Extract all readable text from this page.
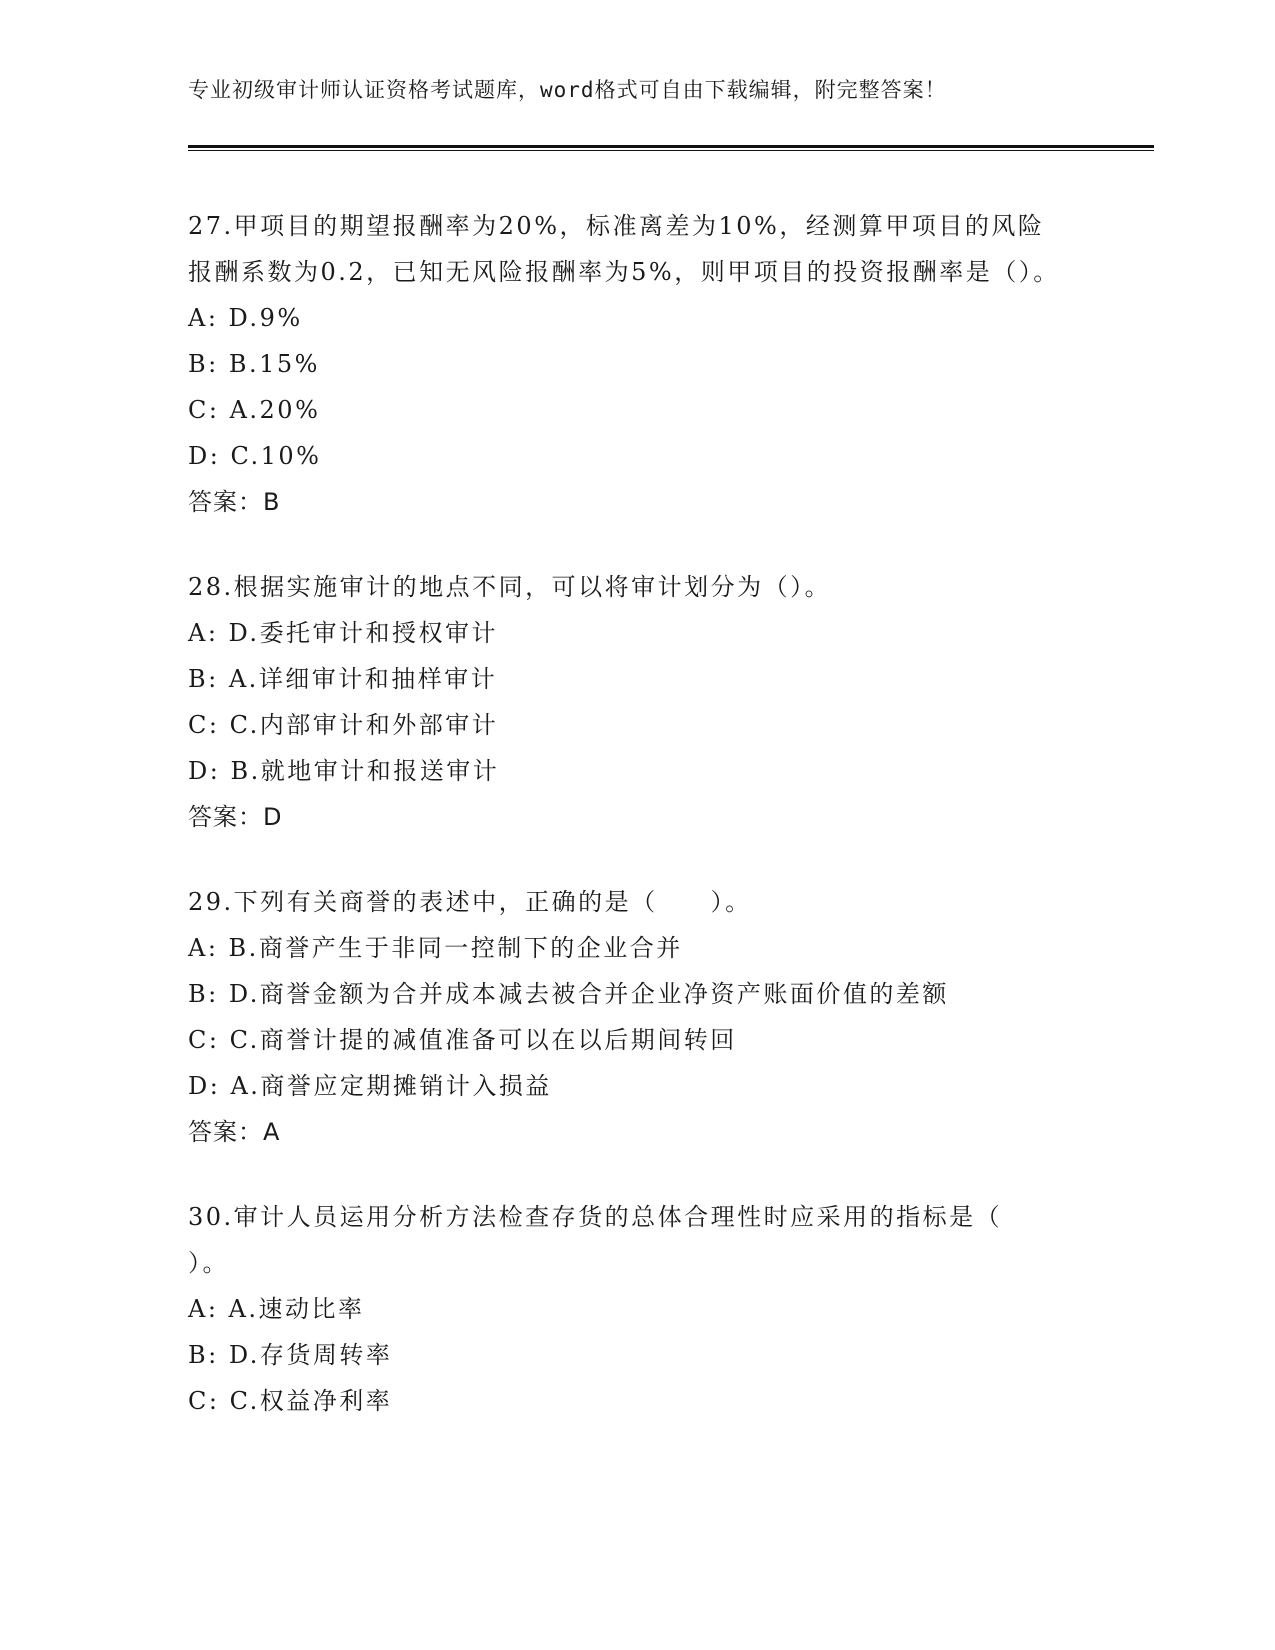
专业初级审计师认证资格考试题库，word格式可自由下载编辑，附完整答案！
27.甲项目的期望报酬率为20%，标准离差为10%，经测算甲项目的风险报酬系数为0.2，已知无风险报酬率为5%，则甲项目的投资报酬率是（）。
A: D.9%
B: B.15%
C: A.20%
D: C.10%
答案：B
28.根据实施审计的地点不同，可以将审计划分为（）。
A: D.委托审计和授权审计
B: A.详细审计和抽样审计
C: C.内部审计和外部审计
D: B.就地审计和报送审计
答案：D
29.下列有关商誉的表述中，正确的是（　　）。
A: B.商誉产生于非同一控制下的企业合并
B: D.商誉金额为合并成本减去被合并企业净资产账面价值的差额
C: C.商誉计提的减值准备可以在以后期间转回
D: A.商誉应定期摊销计入损益
答案：A
30.审计人员运用分析方法检查存货的总体合理性时应采用的指标是（　　）。
A: A.速动比率
B: D.存货周转率
C: C.权益净利率
